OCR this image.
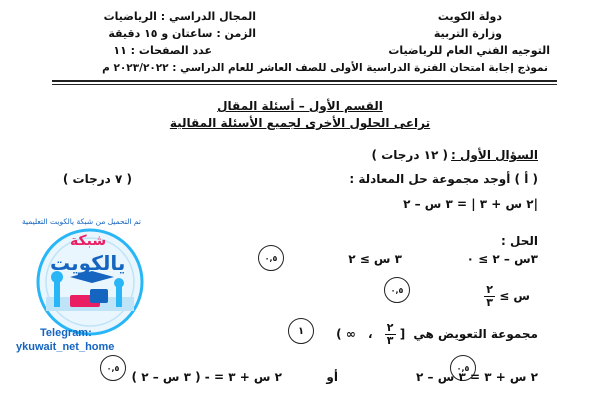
دولة الكويت
وزارة التربية
التوجيه الفني العام للرياضيات
المجال الدراسي : الرياضيات
الزمن : ساعتان و ١٥ دقيقة
عدد الصفحات : ١١
نموذج إجابة امتحان الفترة الدراسية الأولى للصف العاشر للعام الدراسي : ٢٠٢٣/٢٠٢٢ م
القسم الأول – أسئلة المقال
تراعى الحلول الأخرى لجميع الأسئلة المقالية
السؤال الأول :
( ١٢ درجات )
( أ ) أوجد مجموعة حل المعادلة :
( ٧ درجات )
|٢ س + ٣ | = ٣ س – ٢
الحل :
٣س – ٢ ≥ ٠
٣ س ≥ ٢
٠,٥
س ≥
$\frac{٢}{٣}$
٠,٥
مجموعة التعويض هي [
$\frac{٢}{٣}$
، ∞ )
١
٠,٥	٠,٥
٢ س + ٣ = ٣ س – ٢
أو
٢ س + ٣ = - ( ٣ س – ٢ )
تم التحميل من شبكة يالكويت التعليمية
شبكة
يالكويت
Telegram:
ykuwait_net_home
